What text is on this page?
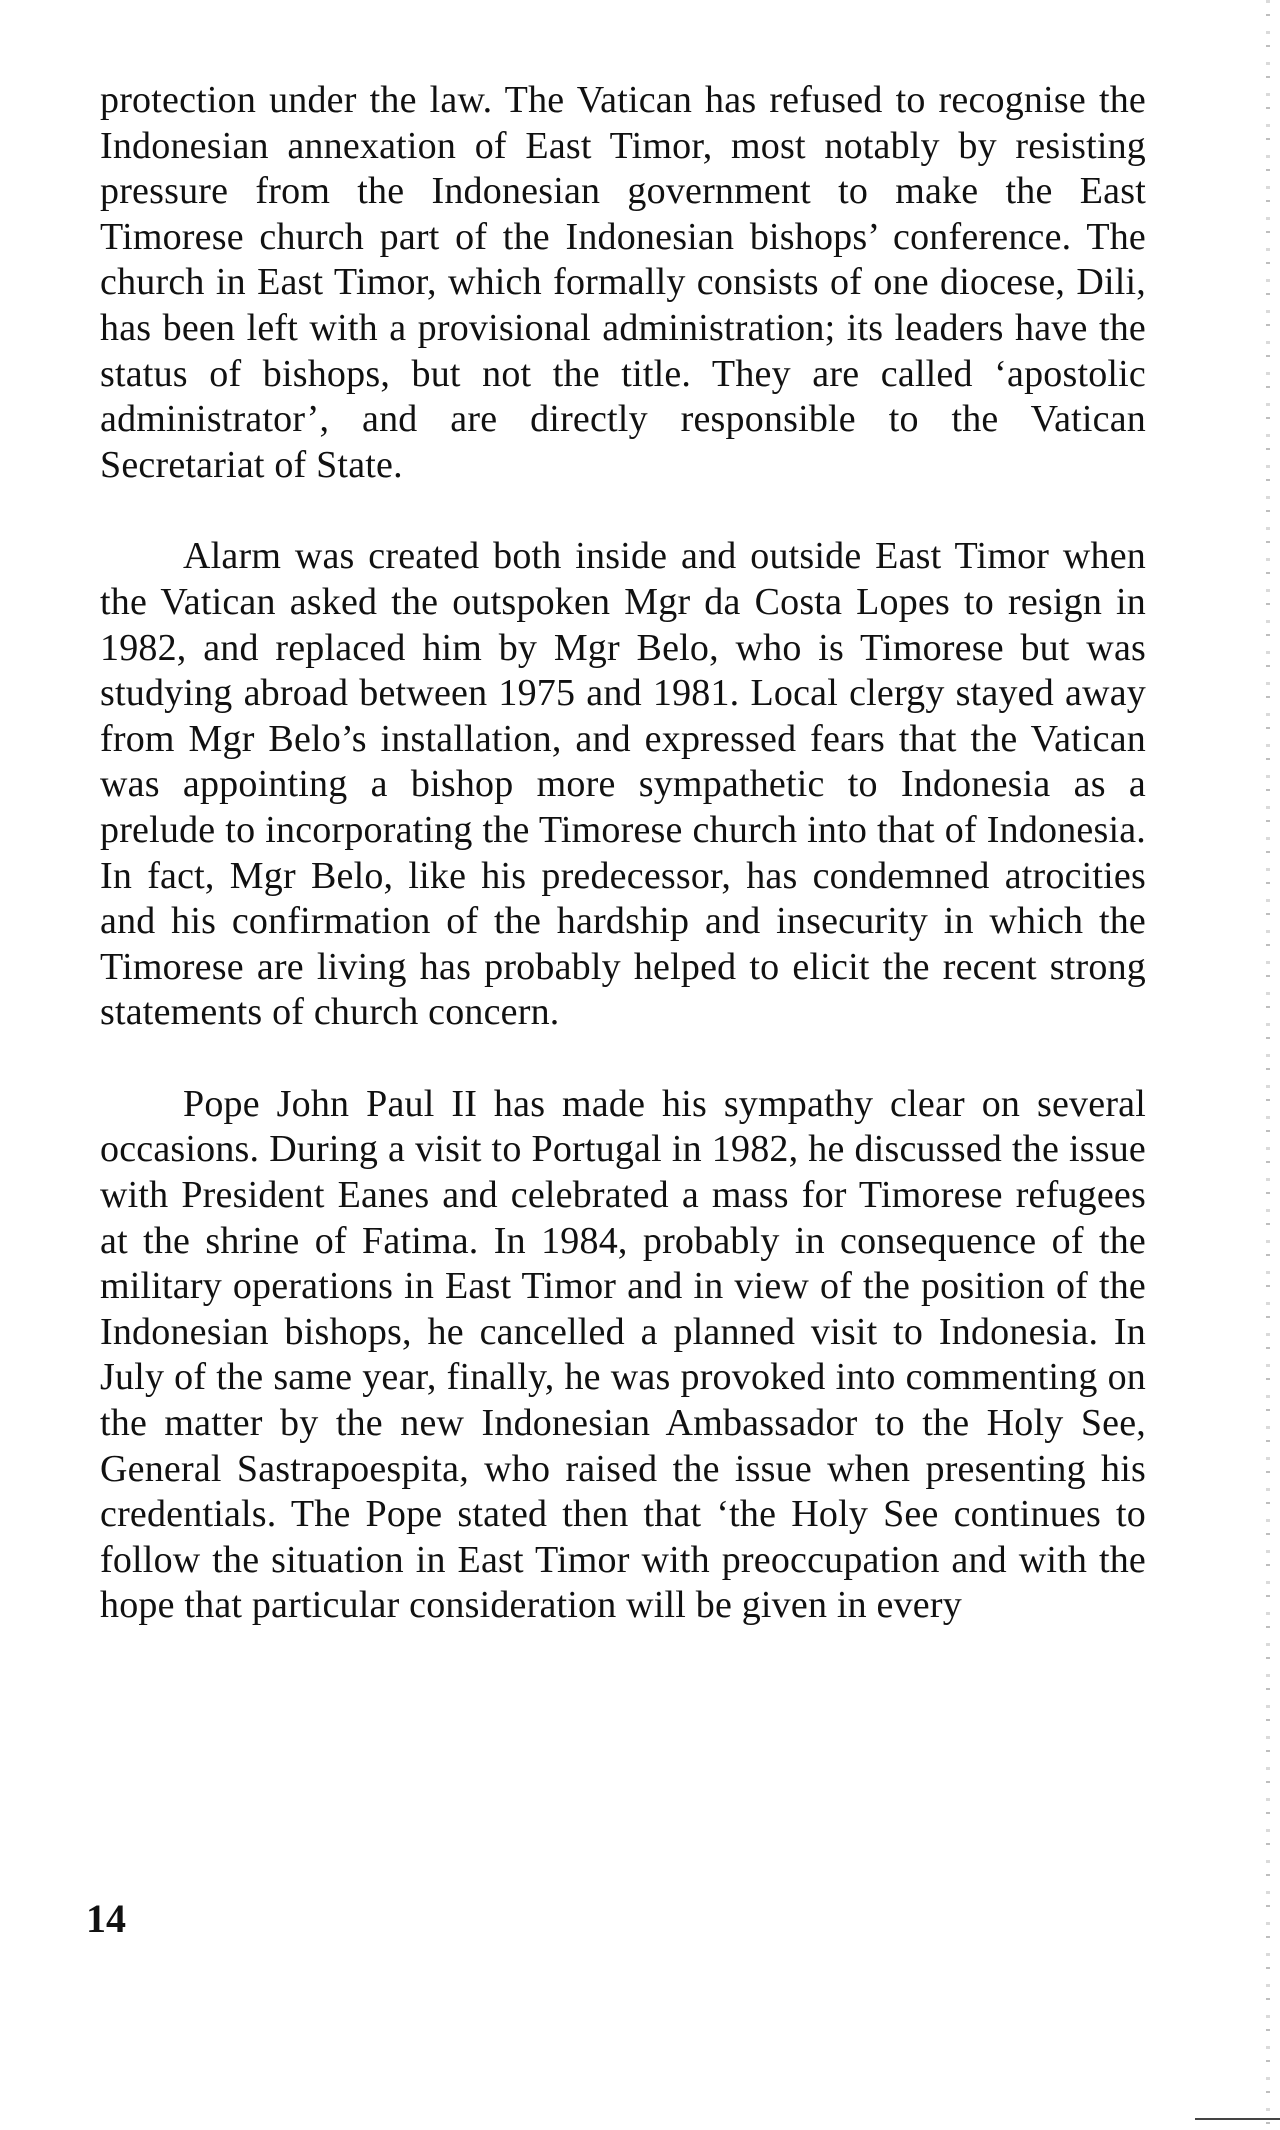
protection under the law. The Vatican has refused to recognise the Indonesian annexation of East Timor, most notably by resisting pressure from the Indonesian government to make the East Timorese church part of the Indonesian bishops’ conference. The church in East Timor, which formally consists of one diocese, Dili, has been left with a provisional administration; its leaders have the status of bishops, but not the title. They are called ‘apostolic administrator’, and are directly responsible to the Vatican Secretariat of State.

Alarm was created both inside and outside East Timor when the Vatican asked the outspoken Mgr da Costa Lopes to resign in 1982, and replaced him by Mgr Belo, who is Timorese but was studying abroad between 1975 and 1981. Local clergy stayed away from Mgr Belo’s installation, and expressed fears that the Vatican was appointing a bishop more sympathetic to Indonesia as a prelude to incorporating the Timorese church into that of Indonesia. In fact, Mgr Belo, like his predecessor, has condemned atrocities and his confirmation of the hardship and insecurity in which the Timorese are living has probably helped to elicit the recent strong statements of church concern.

Pope John Paul II has made his sympathy clear on several occasions. During a visit to Portugal in 1982, he discussed the issue with President Eanes and celebrated a mass for Timorese refugees at the shrine of Fatima. In 1984, probably in consequence of the military operations in East Timor and in view of the position of the Indonesian bishops, he cancelled a planned visit to Indonesia. In July of the same year, finally, he was provoked into commenting on the matter by the new Indonesian Ambassador to the Holy See, General Sastrapoespita, who raised the issue when presenting his credentials. The Pope stated then that ‘the Holy See continues to follow the situation in East Timor with preoccupation and with the hope that particular consideration will be given in every

14
